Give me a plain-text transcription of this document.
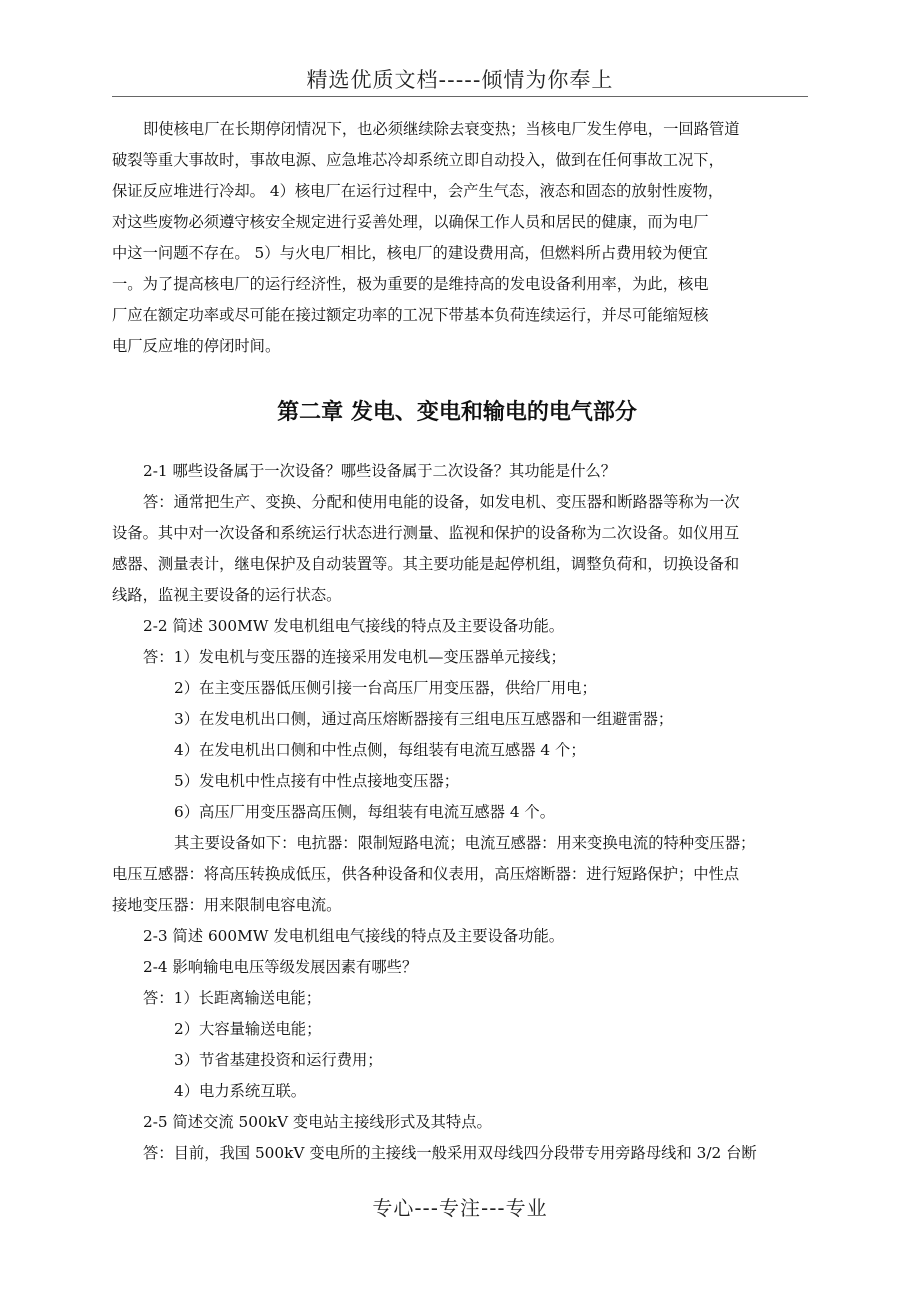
精选优质文档-----倾情为你奉上

即使核电厂在长期停闭情况下，也必须继续除去衰变热；当核电厂发生停电，一回路管道

破裂等重大事故时，事故电源、应急堆芯冷却系统立即自动投入，做到在任何事故工况下，

保证反应堆进行冷却。 4）核电厂在运行过程中，会产生气态，液态和固态的放射性废物，

对这些废物必须遵守核安全规定进行妥善处理，以确保工作人员和居民的健康，而为电厂

中这一问题不存在。 5）与火电厂相比，核电厂的建设费用高，但燃料所占费用较为便宜

一。为了提高核电厂的运行经济性，极为重要的是维持高的发电设备利用率，为此，核电

厂应在额定功率或尽可能在接过额定功率的工况下带基本负荷连续运行，并尽可能缩短核

电厂反应堆的停闭时间。

第二章 发电、变电和输电的电气部分

2-1 哪些设备属于一次设备？哪些设备属于二次设备？其功能是什么？

答：通常把生产、变换、分配和使用电能的设备，如发电机、变压器和断路器等称为一次

设备。其中对一次设备和系统运行状态进行测量、监视和保护的设备称为二次设备。如仪用互

感器、测量表计，继电保护及自动装置等。其主要功能是起停机组，调整负荷和，切换设备和

线路，监视主要设备的运行状态。

2-2 简述 300MW 发电机组电气接线的特点及主要设备功能。

答：1）发电机与变压器的连接采用发电机—变压器单元接线；

2）在主变压器低压侧引接一台高压厂用变压器，供给厂用电；

3）在发电机出口侧，通过高压熔断器接有三组电压互感器和一组避雷器；

4）在发电机出口侧和中性点侧，每组装有电流互感器 4 个；

5）发电机中性点接有中性点接地变压器；

6）高压厂用变压器高压侧，每组装有电流互感器 4 个。

其主要设备如下：电抗器：限制短路电流；电流互感器：用来变换电流的特种变压器；

电压互感器：将高压转换成低压，供各种设备和仪表用，高压熔断器：进行短路保护；中性点

接地变压器：用来限制电容电流。

2-3 简述 600MW 发电机组电气接线的特点及主要设备功能。

2-4 影响输电电压等级发展因素有哪些？

答：1）长距离输送电能；

2）大容量输送电能；

3）节省基建投资和运行费用；

4）电力系统互联。

2-5 简述交流 500kV 变电站主接线形式及其特点。

答：目前，我国 500kV 变电所的主接线一般采用双母线四分段带专用旁路母线和 3/2 台断

专心---专注---专业
